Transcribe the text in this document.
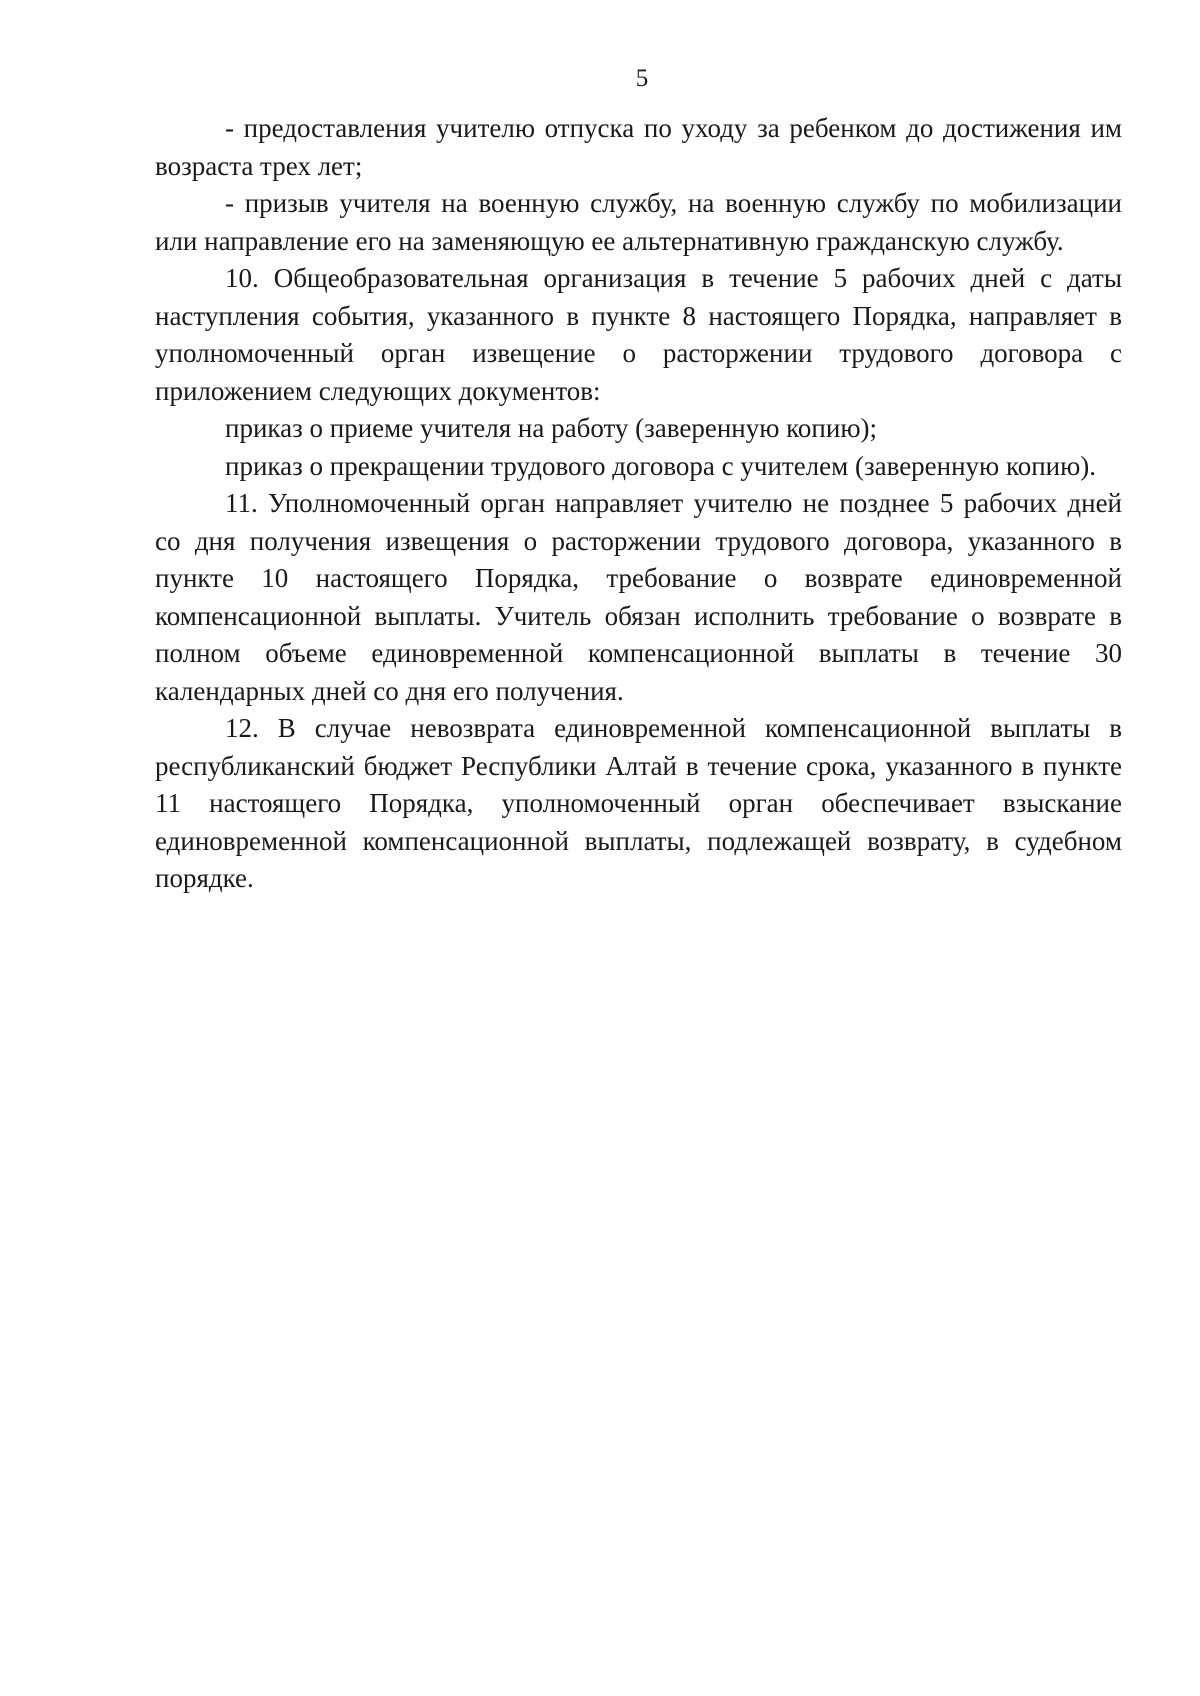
5

- предоставления учителю отпуска по уходу за ребенком до достижения им возраста трех лет;

- призыв учителя на военную службу, на военную службу по мобилизации или направление его на заменяющую ее альтернативную гражданскую службу.

10. Общеобразовательная организация в течение 5 рабочих дней с даты наступления события, указанного в пункте 8 настоящего Порядка, направляет в уполномоченный орган извещение о расторжении трудового договора с приложением следующих документов:

приказ о приеме учителя на работу (заверенную копию);

приказ о прекращении трудового договора с учителем (заверенную копию).

11. Уполномоченный орган направляет учителю не позднее 5 рабочих дней со дня получения извещения о расторжении трудового договора, указанного в пункте 10 настоящего Порядка, требование о возврате единовременной компенсационной выплаты. Учитель обязан исполнить требование о возврате в полном объеме единовременной компенсационной выплаты в течение 30 календарных дней со дня его получения.

12. В случае невозврата единовременной компенсационной выплаты в республиканский бюджет Республики Алтай в течение срока, указанного в пункте 11 настоящего Порядка, уполномоченный орган обеспечивает взыскание единовременной компенсационной выплаты, подлежащей возврату, в судебном порядке.
